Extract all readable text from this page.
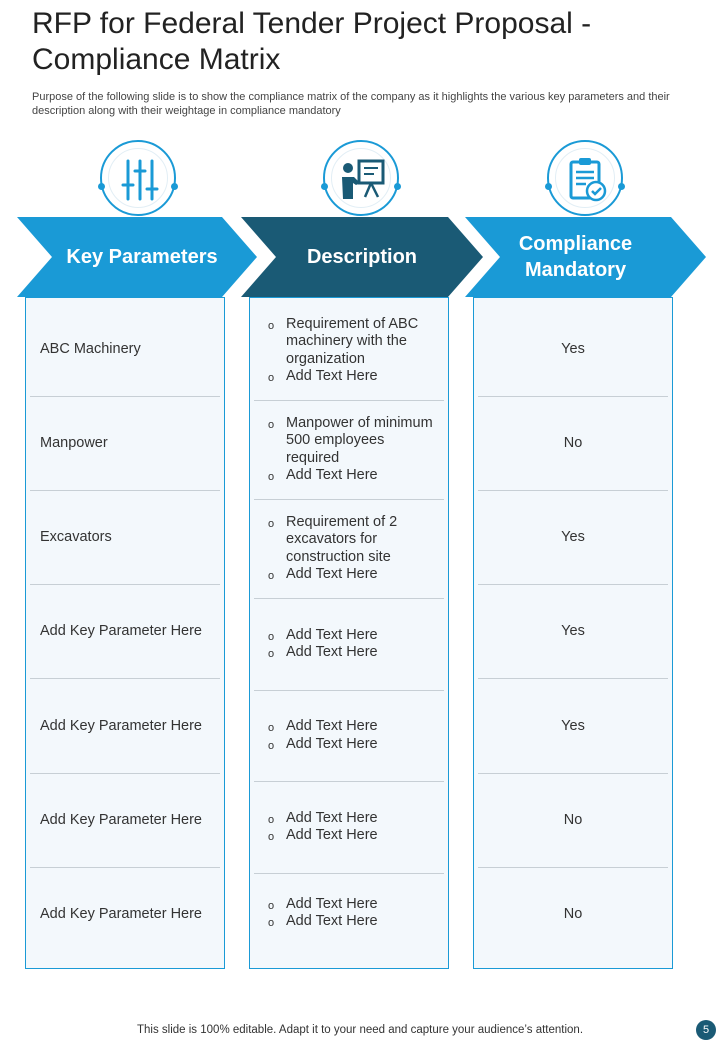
RFP for Federal Tender Project Proposal - Compliance Matrix

Purpose of the following slide is to show the compliance matrix of the company as it highlights the various key parameters and their description along with their weightage in compliance mandatory

Key Parameters	Description
Compliance Mandatory
ABC Machinery
Manpower
Excavators
Add Key Parameter Here
Add Key Parameter Here
Add Key Parameter Here
Add Key Parameter Here
o Requirement of ABC machinery with the organization
o Add Text Here
o Manpower of minimum 500 employees required
o Add Text Here
o Requirement of 2 excavators for construction site
o Add Text Here
o Add Text Here
o Add Text Here
o Add Text Here
o Add Text Here
o Add Text Here
o Add Text Here
o Add Text Here
o Add Text Here
Yes
No
Yes
Yes
Yes
No
No
This slide is 100% editable. Adapt it to your need and capture your audience’s attention.	5
